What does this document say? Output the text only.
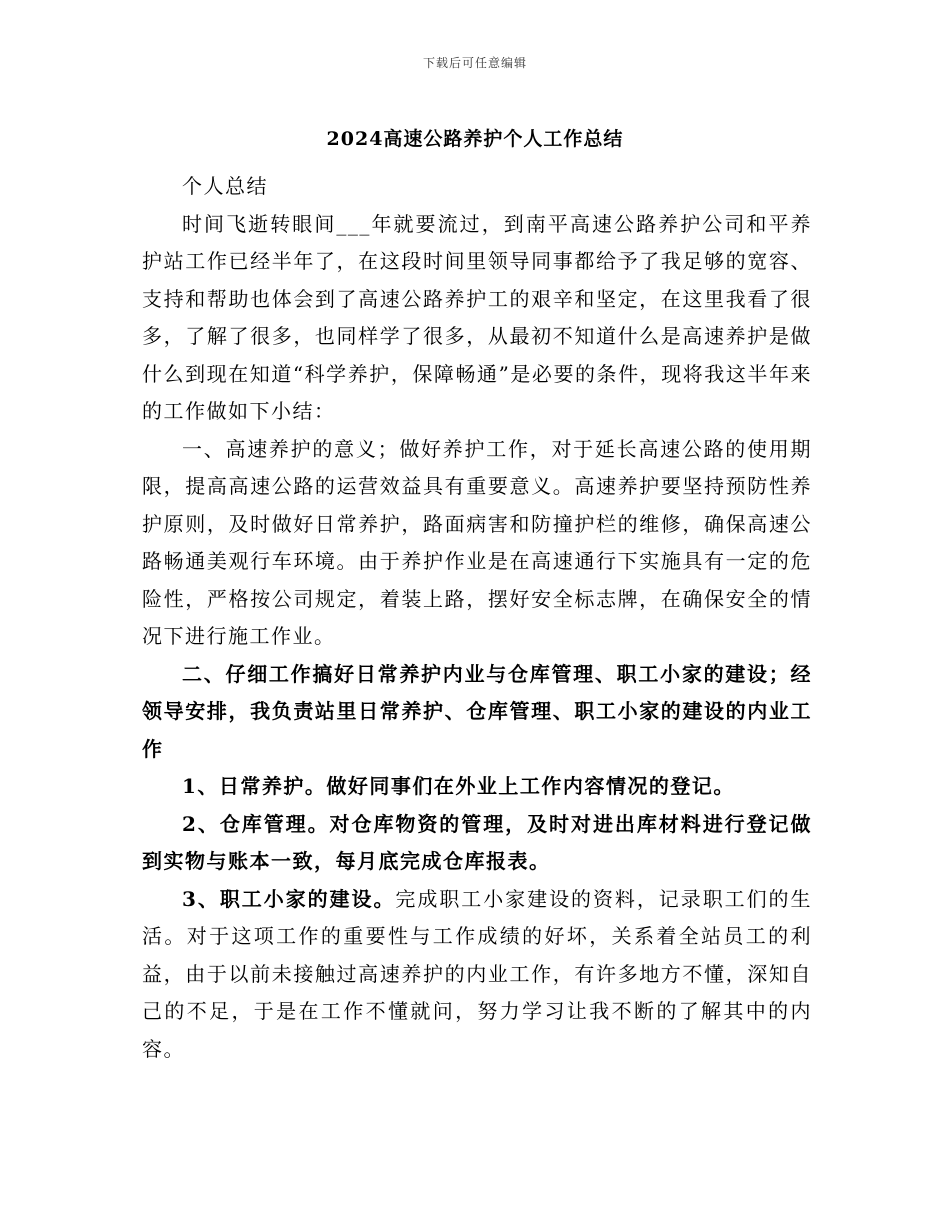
下载后可任意编辑
2024高速公路养护个人工作总结

个人总结

时间飞逝转眼间___年就要流过，到南平高速公路养护公司和平养护站工作已经半年了，在这段时间里领导同事都给予了我足够的宽容、支持和帮助也体会到了高速公路养护工的艰辛和坚定，在这里我看了很多，了解了很多，也同样学了很多，从最初不知道什么是高速养护是做什么到现在知道“科学养护，保障畅通”是必要的条件，现将我这半年来的工作做如下小结：

一、高速养护的意义；做好养护工作，对于延长高速公路的使用期限，提高高速公路的运营效益具有重要意义。高速养护要坚持预防性养护原则，及时做好日常养护，路面病害和防撞护栏的维修，确保高速公路畅通美观行车环境。由于养护作业是在高速通行下实施具有一定的危险性，严格按公司规定，着装上路，摆好安全标志牌，在确保安全的情况下进行施工作业。

二、仔细工作搞好日常养护内业与仓库管理、职工小家的建设；经领导安排，我负责站里日常养护、仓库管理、职工小家的建设的内业工作

1、日常养护。做好同事们在外业上工作内容情况的登记。

2、仓库管理。对仓库物资的管理，及时对进出库材料进行登记做到实物与账本一致，每月底完成仓库报表。

3、职工小家的建设。完成职工小家建设的资料，记录职工们的生活。对于这项工作的重要性与工作成绩的好坏，关系着全站员工的利益，由于以前未接触过高速养护的内业工作，有许多地方不懂，深知自己的不足，于是在工作不懂就问，努力学习让我不断的了解其中的内容。
